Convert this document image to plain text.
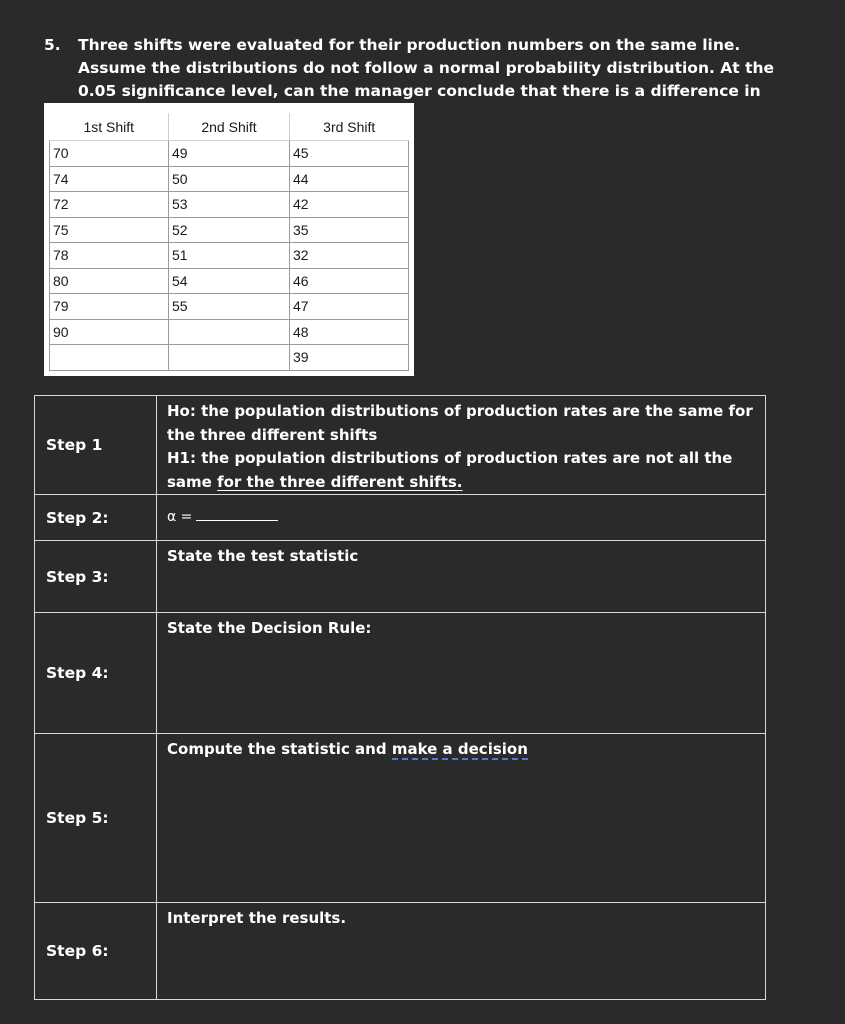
5. Three shifts were evaluated for their production numbers on the same line. Assume the distributions do not follow a normal probability distribution. At the 0.05 significance level, can the manager conclude that there is a difference in
1st Shift	2nd Shift	3rd Shift
70	49	45
74	50	44
72	53	42
75	52	35
78	51	32
80	54	46
79	55	47
90		48
		39
Step 1	Ho: the population distributions of production rates are the same for the three different shifts
H1: the population distributions of production rates are not all the same for the three different shifts.

Step 2:	α =
Step 3:	State the test statistic
Step 4:	State the Decision Rule:
Step 5:	Compute the statistic and make a decision
Step 6:	Interpret the results.
